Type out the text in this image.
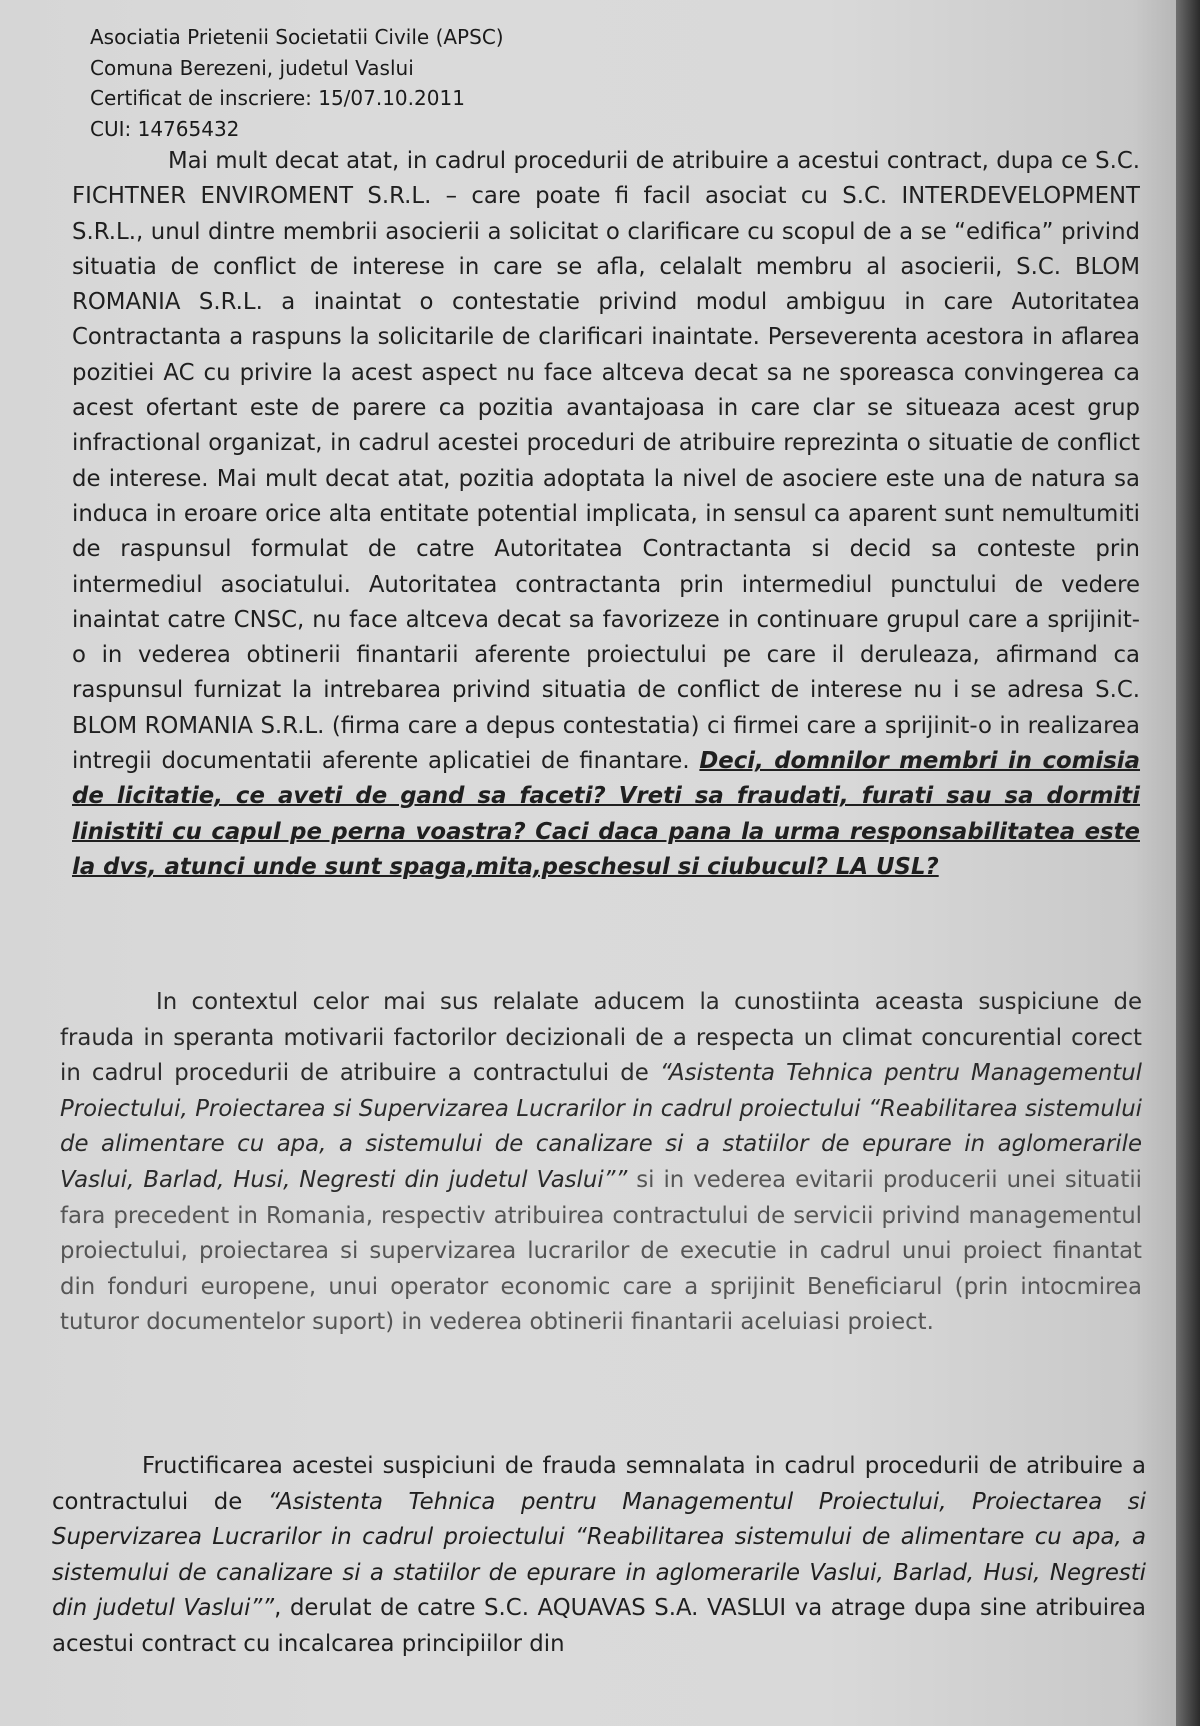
Asociatia Prietenii Societatii Civile (APSC)
Comuna Berezeni, judetul Vaslui
Certificat de inscriere: 15/07.10.2011
CUI: 14765432
Mai mult decat atat, in cadrul procedurii de atribuire a acestui contract, dupa ce S.C. FICHTNER ENVIROMENT S.R.L. – care poate fi facil asociat cu S.C. INTERDEVELOPMENT S.R.L., unul dintre membrii asocierii a solicitat o clarificare cu scopul de a se “edifica” privind situatia de conflict de interese in care se afla, celalalt membru al asocierii, S.C. BLOM ROMANIA S.R.L. a inaintat o contestatie privind modul ambiguu in care Autoritatea Contractanta a raspuns la solicitarile de clarificari inaintate. Perseverenta acestora in aflarea pozitiei AC cu privire la acest aspect nu face altceva decat sa ne sporeasca convingerea ca acest ofertant este de parere ca pozitia avantajoasa in care clar se situeaza acest grup infractional organizat, in cadrul acestei proceduri de atribuire reprezinta o situatie de conflict de interese. Mai mult decat atat, pozitia adoptata la nivel de asociere este una de natura sa induca in eroare orice alta entitate potential implicata, in sensul ca aparent sunt nemultumiti de raspunsul formulat de catre Autoritatea Contractanta si decid sa conteste prin intermediul asociatului. Autoritatea contractanta prin intermediul punctului de vedere inaintat catre CNSC, nu face altceva decat sa favorizeze in continuare grupul care a sprijinit-o in vederea obtinerii finantarii aferente proiectului pe care il deruleaza, afirmand ca raspunsul furnizat la intrebarea privind situatia de conflict de interese nu i se adresa S.C. BLOM ROMANIA S.R.L. (firma care a depus contestatia) ci firmei care a sprijinit-o in realizarea intregii documentatii aferente aplicatiei de finantare. Deci, domnilor membri in comisia de licitatie, ce aveti de gand sa faceti? Vreti sa fraudati, furati sau sa dormiti linistiti cu capul pe perna voastra? Caci daca pana la urma responsabilitatea este la dvs, atunci unde sunt spaga,mita,peschesul si ciubucul? LA USL?
In contextul celor mai sus relalate aducem la cunostiinta aceasta suspiciune de frauda in speranta motivarii factorilor decizionali de a respecta un climat concurential corect in cadrul procedurii de atribuire a contractului de “Asistenta Tehnica pentru Managementul Proiectului, Proiectarea si Supervizarea Lucrarilor in cadrul proiectului “Reabilitarea sistemului de alimentare cu apa, a sistemului de canalizare si a statiilor de epurare in aglomerarile Vaslui, Barlad, Husi, Negresti din judetul Vaslui”” si in vederea evitarii producerii unei situatii fara precedent in Romania, respectiv atribuirea contractului de servicii privind managementul proiectului, proiectarea si supervizarea lucrarilor de executie in cadrul unui proiect finantat din fonduri europene, unui operator economic care a sprijinit Beneficiarul (prin intocmirea tuturor documentelor suport) in vederea obtinerii finantarii aceluiasi proiect.
Fructificarea acestei suspiciuni de frauda semnalata in cadrul procedurii de atribuire a contractului de “Asistenta Tehnica pentru Managementul Proiectului, Proiectarea si Supervizarea Lucrarilor in cadrul proiectului “Reabilitarea sistemului de alimentare cu apa, a sistemului de canalizare si a statiilor de epurare in aglomerarile Vaslui, Barlad, Husi, Negresti din judetul Vaslui””, derulat de catre S.C. AQUAVAS S.A. VASLUI va atrage dupa sine atribuirea acestui contract cu incalcarea principiilor din
